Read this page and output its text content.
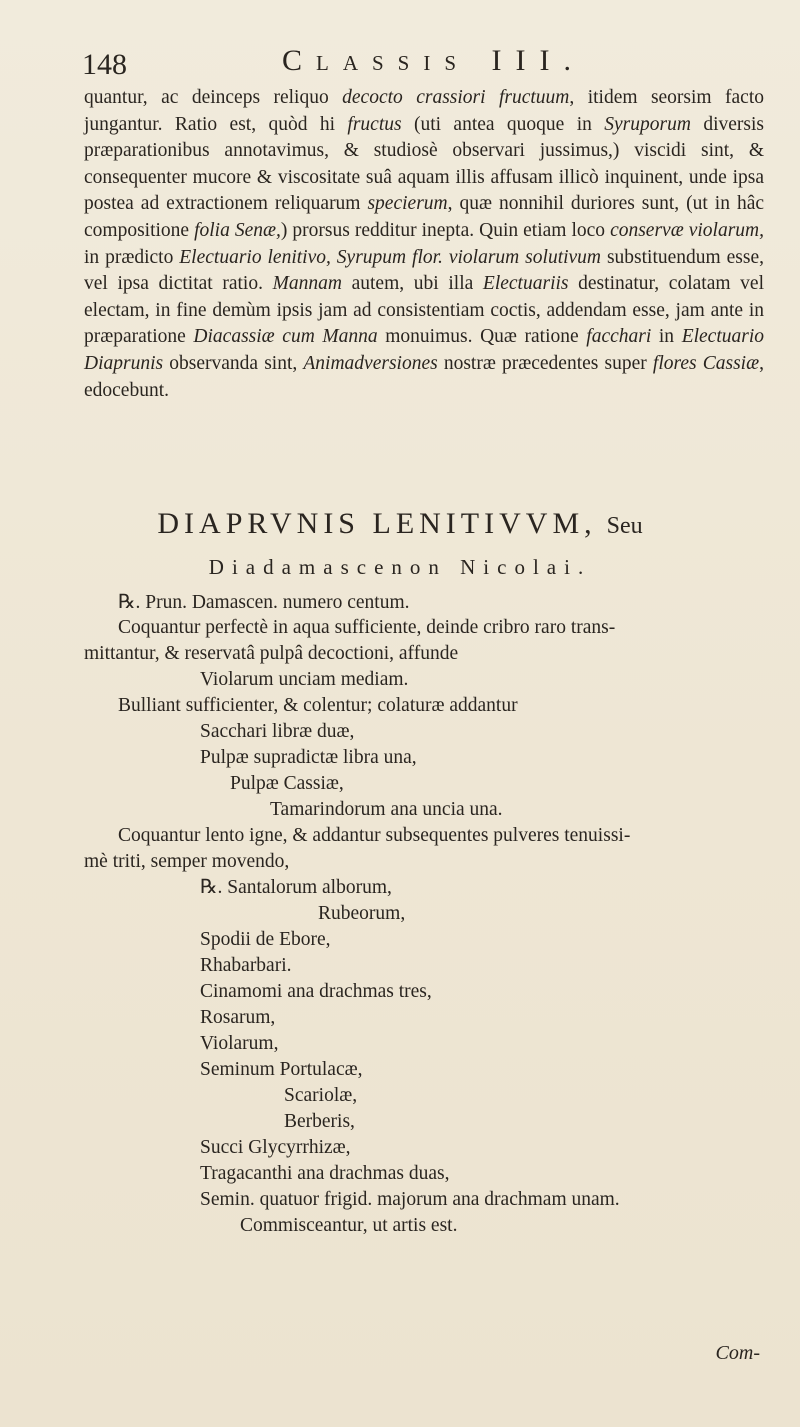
148	Classis III.

quantur, ac deinceps reliquo decocto crassiori fructuum, itidem seorsim facto jungantur. Ratio est, quòd hi fructus (uti antea quoque in Syruporum diversis præparationibus annotavimus, & studiosè observari jussimus,) viscidi sint, & consequenter mucore & viscositate suâ aquam illis affusam illicò inquinent, unde ipsa postea ad extractionem reliquarum specierum, quæ nonnihil duriores sunt, (ut in hâc compositione folia Senæ,) prorsus redditur inepta. Quin etiam loco conservæ violarum, in prædicto Electuario lenitivo, Syrupum flor. violarum solutivum substituendum esse, vel ipsa dictitat ratio. Mannam autem, ubi illa Electuariis destinatur, colatam vel electam, in fine demùm ipsis jam ad consistentiam coctis, addendam esse, jam ante in præparatione Diacassiæ cum Manna monuimus. Quæ ratione facchari in Electuario Diaprunis observanda sint, Animadversiones nostræ præcedentes super flores Cassiæ, edocebunt.

DIAPRVNIS LENITIVVM, Seu
Diadamascenon Nicolai.
℞. Prun. Damascen. numero centum.
Coquantur perfectè in aqua sufficiente, deinde cribro raro trans-
mittantur, & reservatâ pulpâ decoctioni, affunde
Violarum unciam mediam.
Bulliant sufficienter, & colentur; colaturæ addantur
Sacchari libræ duæ,
Pulpæ supradictæ libra una,
Pulpæ Cassiæ,
Tamarindorum ana uncia una.
Coquantur lento igne, & addantur subsequentes pulveres tenuissi-
mè triti, semper movendo,
℞. Santalorum alborum,
Rubeorum,
Spodii de Ebore,
Rhabarbari.
Cinamomi ana drachmas tres,
Rosarum,
Violarum,
Seminum Portulacæ,
Scariolæ,
Berberis,
Succi Glycyrrhizæ,
Tragacanthi ana drachmas duas,
Semin. quatuor frigid. majorum ana drachmam unam.
Commisceantur, ut artis est.
Com-
